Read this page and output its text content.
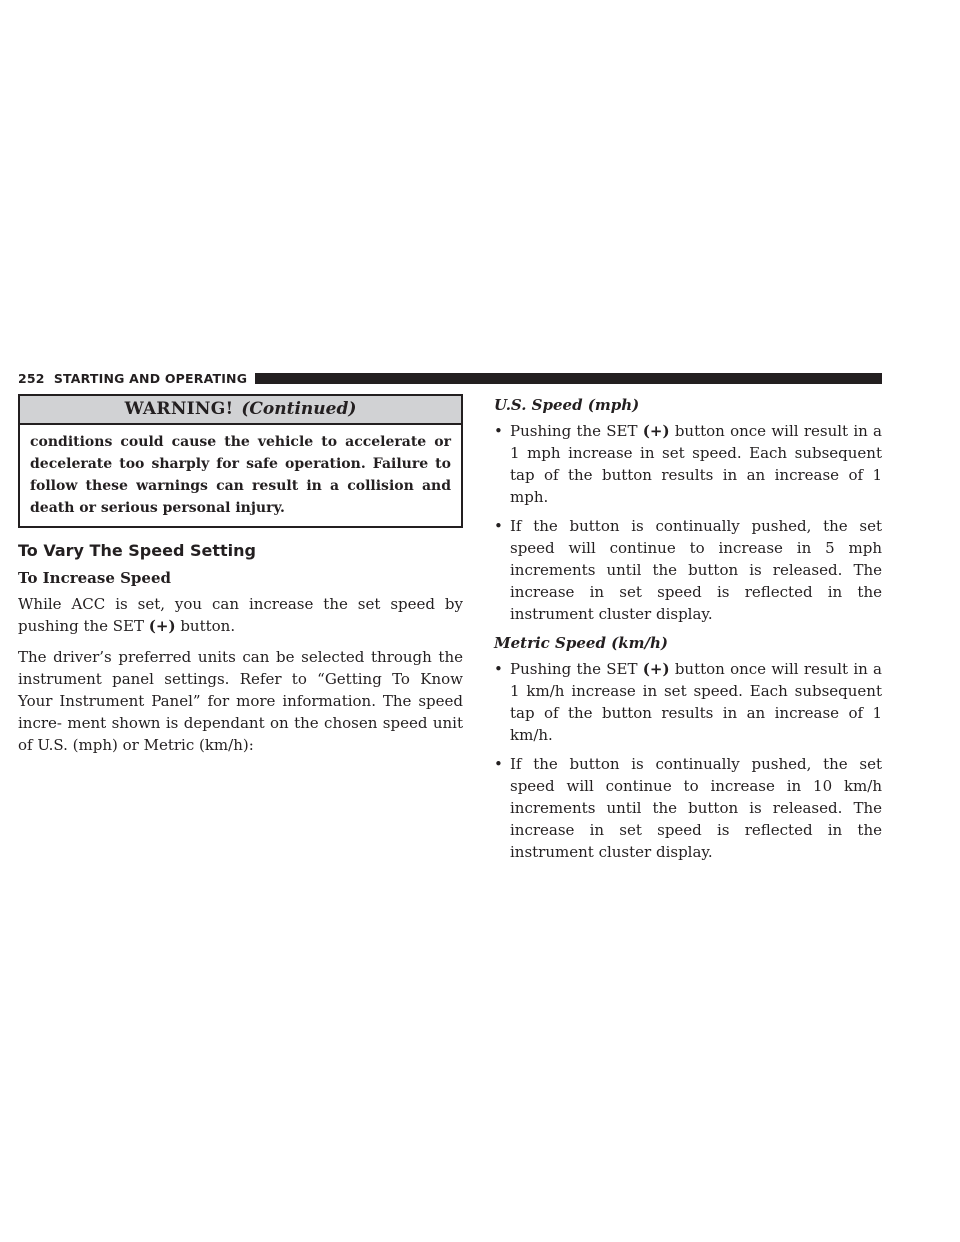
252 STARTING AND OPERATING
WARNING! (Continued)
conditions could cause the vehicle to accelerate or decelerate too sharply for safe operation. Failure to follow these warnings can result in a collision and death or serious personal injury.
To Vary The Speed Setting
To Increase Speed

While ACC is set, you can increase the set speed by pushing the SET (+) button.

The driver’s preferred units can be selected through the instrument panel settings. Refer to “Getting To Know Your Instrument Panel” for more information. The speed incre- ment shown is dependant on the chosen speed unit of U.S. (mph) or Metric (km/h):

U.S. Speed (mph)
• Pushing the SET (+) button once will result in a 1 mph increase in set speed. Each subsequent tap of the button results in an increase of 1 mph.
• If the button is continually pushed, the set speed will continue to increase in 5 mph increments until the button is released. The increase in set speed is reflected in the instrument cluster display.
Metric Speed (km/h)
• Pushing the SET (+) button once will result in a 1 km/h increase in set speed. Each subsequent tap of the button results in an increase of 1 km/h.
• If the button is continually pushed, the set speed will continue to increase in 10 km/h increments until the button is released. The increase in set speed is reflected in the instrument cluster display.
